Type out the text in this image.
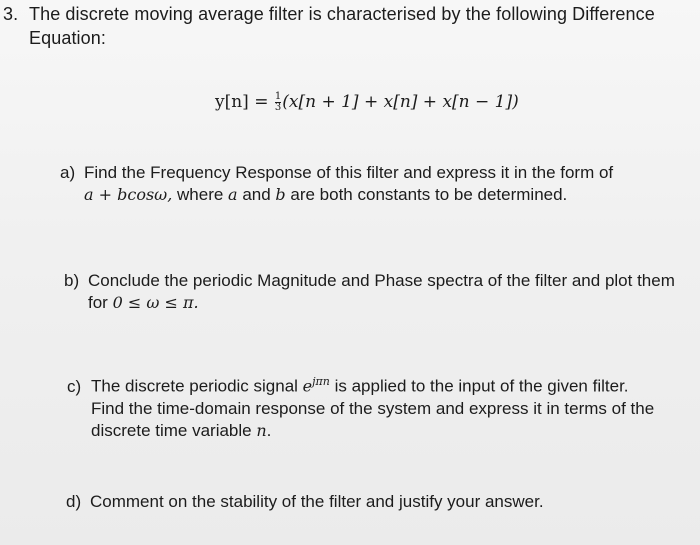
3. The discrete moving average filter is characterised by the following Difference
Equation:
$y[n] = \frac{1}{3} (x[n + 1] + x[n] + x[n - 1])$
a) Find the Frequency Response of this filter and express it in the form of
a + bcosω, where a and b are both constants to be determined.
b) Conclude the periodic Magnitude and Phase spectra of the filter and plot them
for 0 ≤ ω ≤ π.
c) The discrete periodic signal $e^{j\pi n}$ is applied to the input of the given filter.
Find the time-domain response of the system and express it in terms of the
discrete time variable n.
d) Comment on the stability of the filter and justify your answer.
